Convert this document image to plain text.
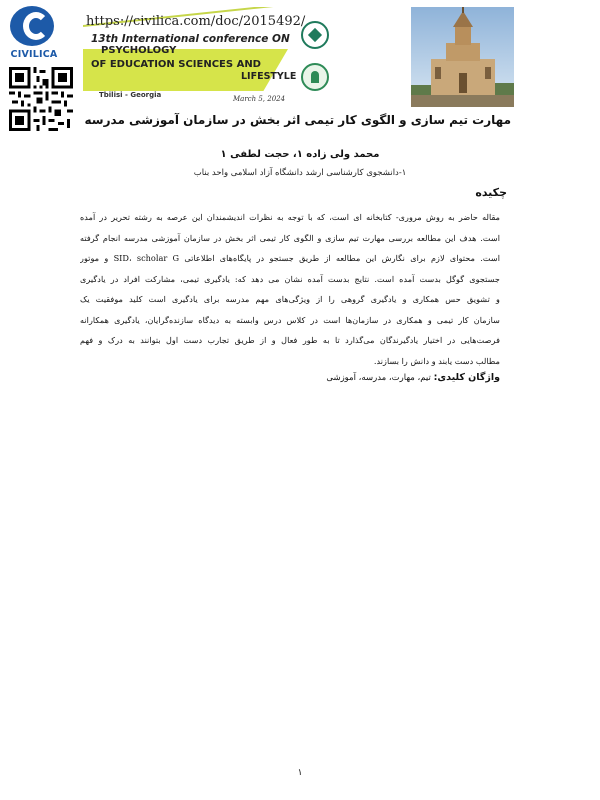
CIVILICA
13th International conference ON
PSYCHOLOGY
OF EDUCATION SCIENCES AND
LIFESTYLE
Tbilisi - Georgia	March 5, 2024
https://civilica.com/doc/2015492/
مهارت تیم سازی و الگوی کار تیمی اثر بخش در سازمان آموزشی مدرسه
محمد ولی زاده ۱، حجت لطفی ۱
۱-دانشجوی کارشناسی ارشد دانشگاه آزاد اسلامی واحد بناب
چکیده
مقاله حاضر به روش مروری- کتابخانه ای است، که با توجه به نظرات اندیشمندان این عرصه به رشته تحریر در آمده
است. هدف این مطالعه بررسی مهارت تیم سازی و الگوی کار تیمی اثر بخش در سازمان آموزشی مدرسه انجام گرفته
است. محتوای لازم برای نگارش این مطالعه از طریق جستجو در پایگاه‌های اطلاعاتی SID، scholar G و موتور
جستجوی گوگل بدست آمده است. نتایج بدست آمده نشان می دهد که: یادگیری تیمی، مشارکت افراد در یادگیری
و تشویق حس همکاری و یادگیری گروهی را از ویژگی‌های مهم مدرسه برای یادگیری است کلید موفقیت یک
سازمان کار تیمی و همکاری در سازمان‌ها است در کلاس درس وابسته به دیدگاه سازنده‌گرایان، یادگیری همکارانه
فرصت‌هایی در اختیار یادگیرندگان می‌گذارد تا به طور فعال و از طریق تجارب دست اول بتوانند به درک و فهم
مطالب دست یابند و دانش را بسازند.
واژگان کلیدی: تیم، مهارت، مدرسه، آموزشی
۱
